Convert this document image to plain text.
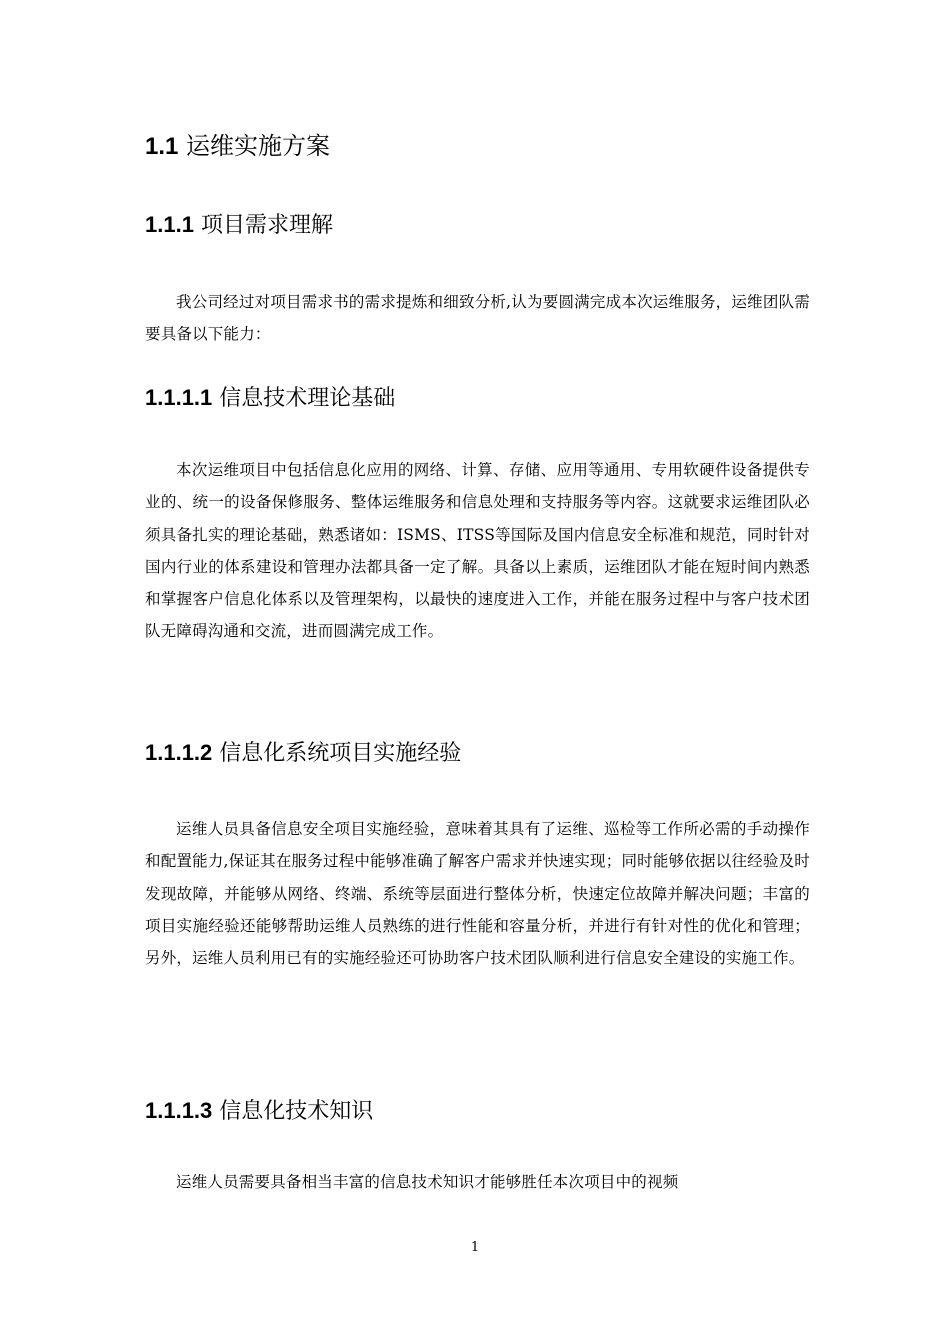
1.1 运维实施方案
1.1.1 项目需求理解

我公司经过对项目需求书的需求提炼和细致分析,认为要圆满完成本次运维服务，运维团队需要具备以下能力：

1.1.1.1 信息技术理论基础

本次运维项目中包括信息化应用的网络、计算、存储、应用等通用、专用软硬件设备提供专业的、统一的设备保修服务、整体运维服务和信息处理和支持服务等内容。这就要求运维团队必须具备扎实的理论基础，熟悉诸如：ISMS、ITSS等国际及国内信息安全标准和规范，同时针对国内行业的体系建设和管理办法都具备一定了解。具备以上素质，运维团队才能在短时间内熟悉和掌握客户信息化体系以及管理架构，以最快的速度进入工作，并能在服务过程中与客户技术团队无障碍沟通和交流，进而圆满完成工作。

1.1.1.2 信息化系统项目实施经验

运维人员具备信息安全项目实施经验，意味着其具有了运维、巡检等工作所必需的手动操作和配置能力,保证其在服务过程中能够准确了解客户需求并快速实现；同时能够依据以往经验及时发现故障，并能够从网络、终端、系统等层面进行整体分析，快速定位故障并解决问题；丰富的项目实施经验还能够帮助运维人员熟练的进行性能和容量分析，并进行有针对性的优化和管理；另外，运维人员利用已有的实施经验还可协助客户技术团队顺利进行信息安全建设的实施工作。

1.1.1.3 信息化技术知识

运维人员需要具备相当丰富的信息技术知识才能够胜任本次项目中的视频

1
